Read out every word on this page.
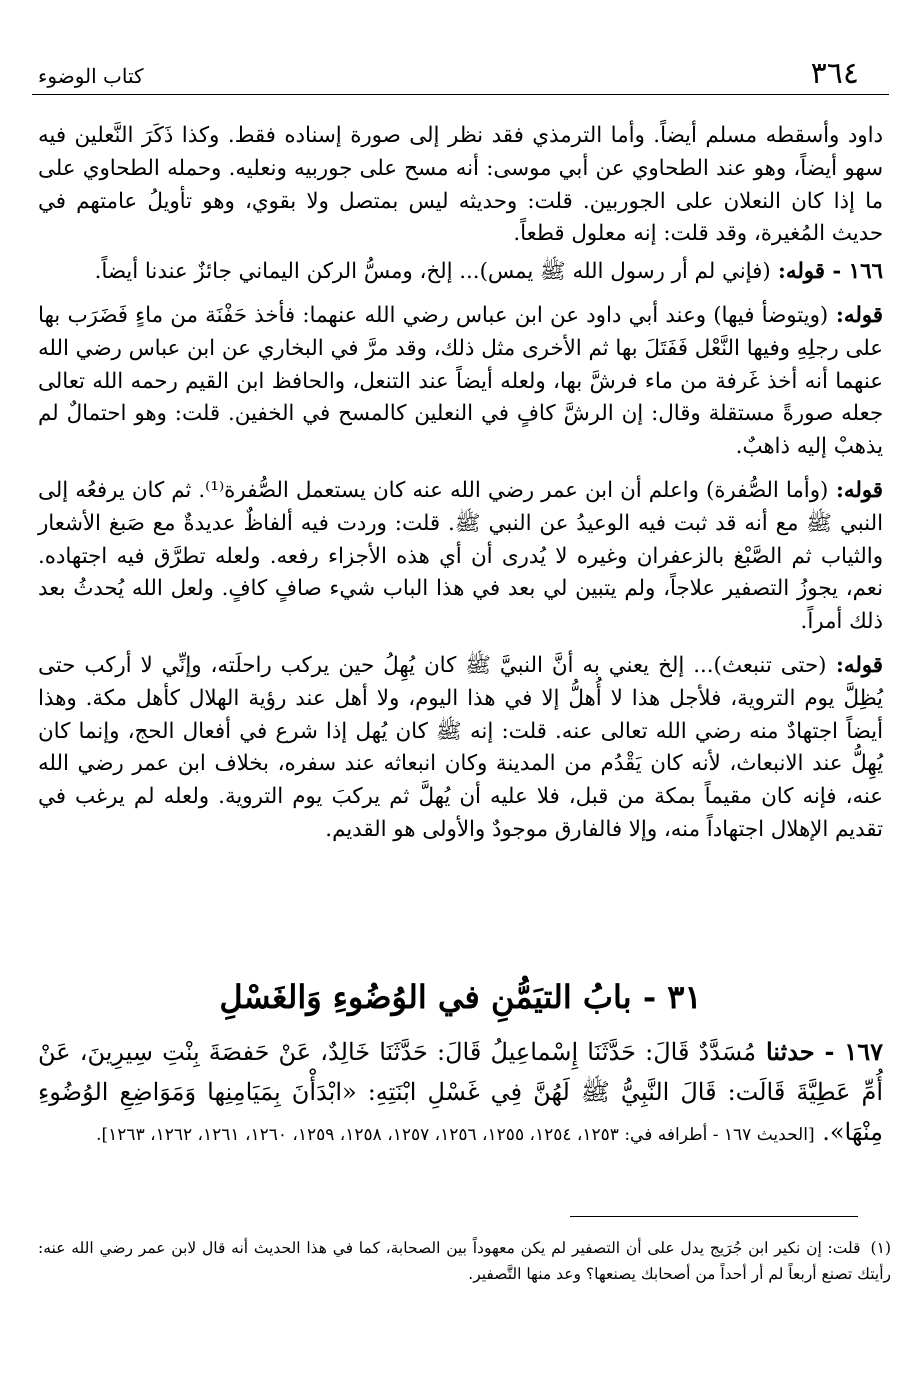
٣٦٤
كتاب الوضوء

داود وأسقطه مسلم أيضاً. وأما الترمذي فقد نظر إلى صورة إسناده فقط. وكذا ذَكَرَ النَّعلين فيه سهو أيضاً، وهو عند الطحاوي عن أبي موسى: أنه مسح على جوربيه ونعليه. وحمله الطحاوي على ما إذا كان النعلان على الجوربين. قلت: وحديثه ليس بمتصل ولا بقوي، وهو تأويلُ عامتهم في حديث المُغيرة، وقد قلت: إنه معلول قطعاً.

١٦٦ - قوله: (فإني لم أر رسول الله ﷺ يمس)... إلخ، ومسُّ الركن اليماني جائزٌ عندنا أيضاً.

قوله: (ويتوضأ فيها) وعند أبي داود عن ابن عباس رضي الله عنهما: فأخذ حَفْنَة من ماءٍ فَضَرَب بها على رجلِهِ وفيها النَّعْل فَفَتَلَ بها ثم الأخرى مثل ذلك، وقد مرَّ في البخاري عن ابن عباس رضي الله عنهما أنه أخذ غَرفة من ماء فرشَّ بها، ولعله أيضاً عند التنعل، والحافظ ابن القيم رحمه الله تعالى جعله صورةً مستقلة وقال: إن الرشَّ كافٍ في النعلين كالمسح في الخفين. قلت: وهو احتمالٌ لم يذهبْ إليه ذاهبٌ.

قوله: (وأما الصُّفرة) واعلم أن ابن عمر رضي الله عنه كان يستعمل الصُّفرة⁽¹⁾. ثم كان يرفعُه إلى النبي ﷺ مع أنه قد ثبت فيه الوعيدُ عن النبي ﷺ. قلت: وردت فيه ألفاظٌ عديدةٌ مع صَبغ الأشعار والثياب ثم الصَّبْغ بالزعفران وغيره لا يُدرى أن أي هذه الأجزاء رفعه. ولعله تطرَّق فيه اجتهاده. نعم، يجوزُ التصفير علاجاً، ولم يتبين لي بعد في هذا الباب شيء صافٍ كافٍ. ولعل الله يُحدثُ بعد ذلك أمراً.

قوله: (حتى تنبعث)... إلخ يعني به أنَّ النبيَّ ﷺ كان يُهِلُ حين يركب راحلَته، وإنِّي لا أركب حتى يُظِلَّ يوم التروية، فلأجل هذا لا أُهلُّ إلا في هذا اليوم، ولا أهل عند رؤية الهلال كأهل مكة. وهذا أيضاً اجتهادٌ منه رضي الله تعالى عنه. قلت: إنه ﷺ كان يُهل إذا شرع في أفعال الحج، وإنما كان يُهِلُّ عند الانبعاث، لأنه كان يَقْدُم من المدينة وكان انبعاثه عند سفره، بخلاف ابن عمر رضي الله عنه، فإنه كان مقيماً بمكة من قبل، فلا عليه أن يُهلَّ ثم يركبَ يوم التروية. ولعله لم يرغب في تقديم الإهلال اجتهاداً منه، وإلا فالفارق موجودٌ والأولى هو القديم.

٣١ - بابُ التيَمُّنِ في الوُضُوءِ وَالغَسْلِ

١٦٧ - حدثنا مُسَدَّدٌ قَالَ: حَدَّثَنَا إِسْماعِيلُ قَالَ: حَدَّثَنَا خَالِدٌ، عَنْ حَفصَةَ بِنْتِ سِيرِينَ، عَنْ أُمِّ عَطِيَّةَ قَالَت: قَالَ النَّبِيُّ ﷺ لَهُنَّ فِي غَسْلِ ابْنَتِهِ: «ابْدَأْنَ بِمَيَامِنِها وَمَوَاضِعِ الوُضُوءِ مِنْهَا». [الحديث ١٦٧ - أطرافه في: ١٢٥٣، ١٢٥٤، ١٢٥٥، ١٢٥٦، ١٢٥٧، ١٢٥٨، ١٢٥٩، ١٢٦٠، ١٢٦١، ١٢٦٢، ١٢٦٣].

(١)قلت: إن نكير ابن جُرَيج يدل على أن التصفير لم يكن معهوداً بين الصحابة، كما في هذا الحديث أنه قال لابن عمر رضي الله عنه: رأيتك تصنع أربعاً لم أر أحداً من أصحابك يصنعها؟ وعد منها التَّصفير.
